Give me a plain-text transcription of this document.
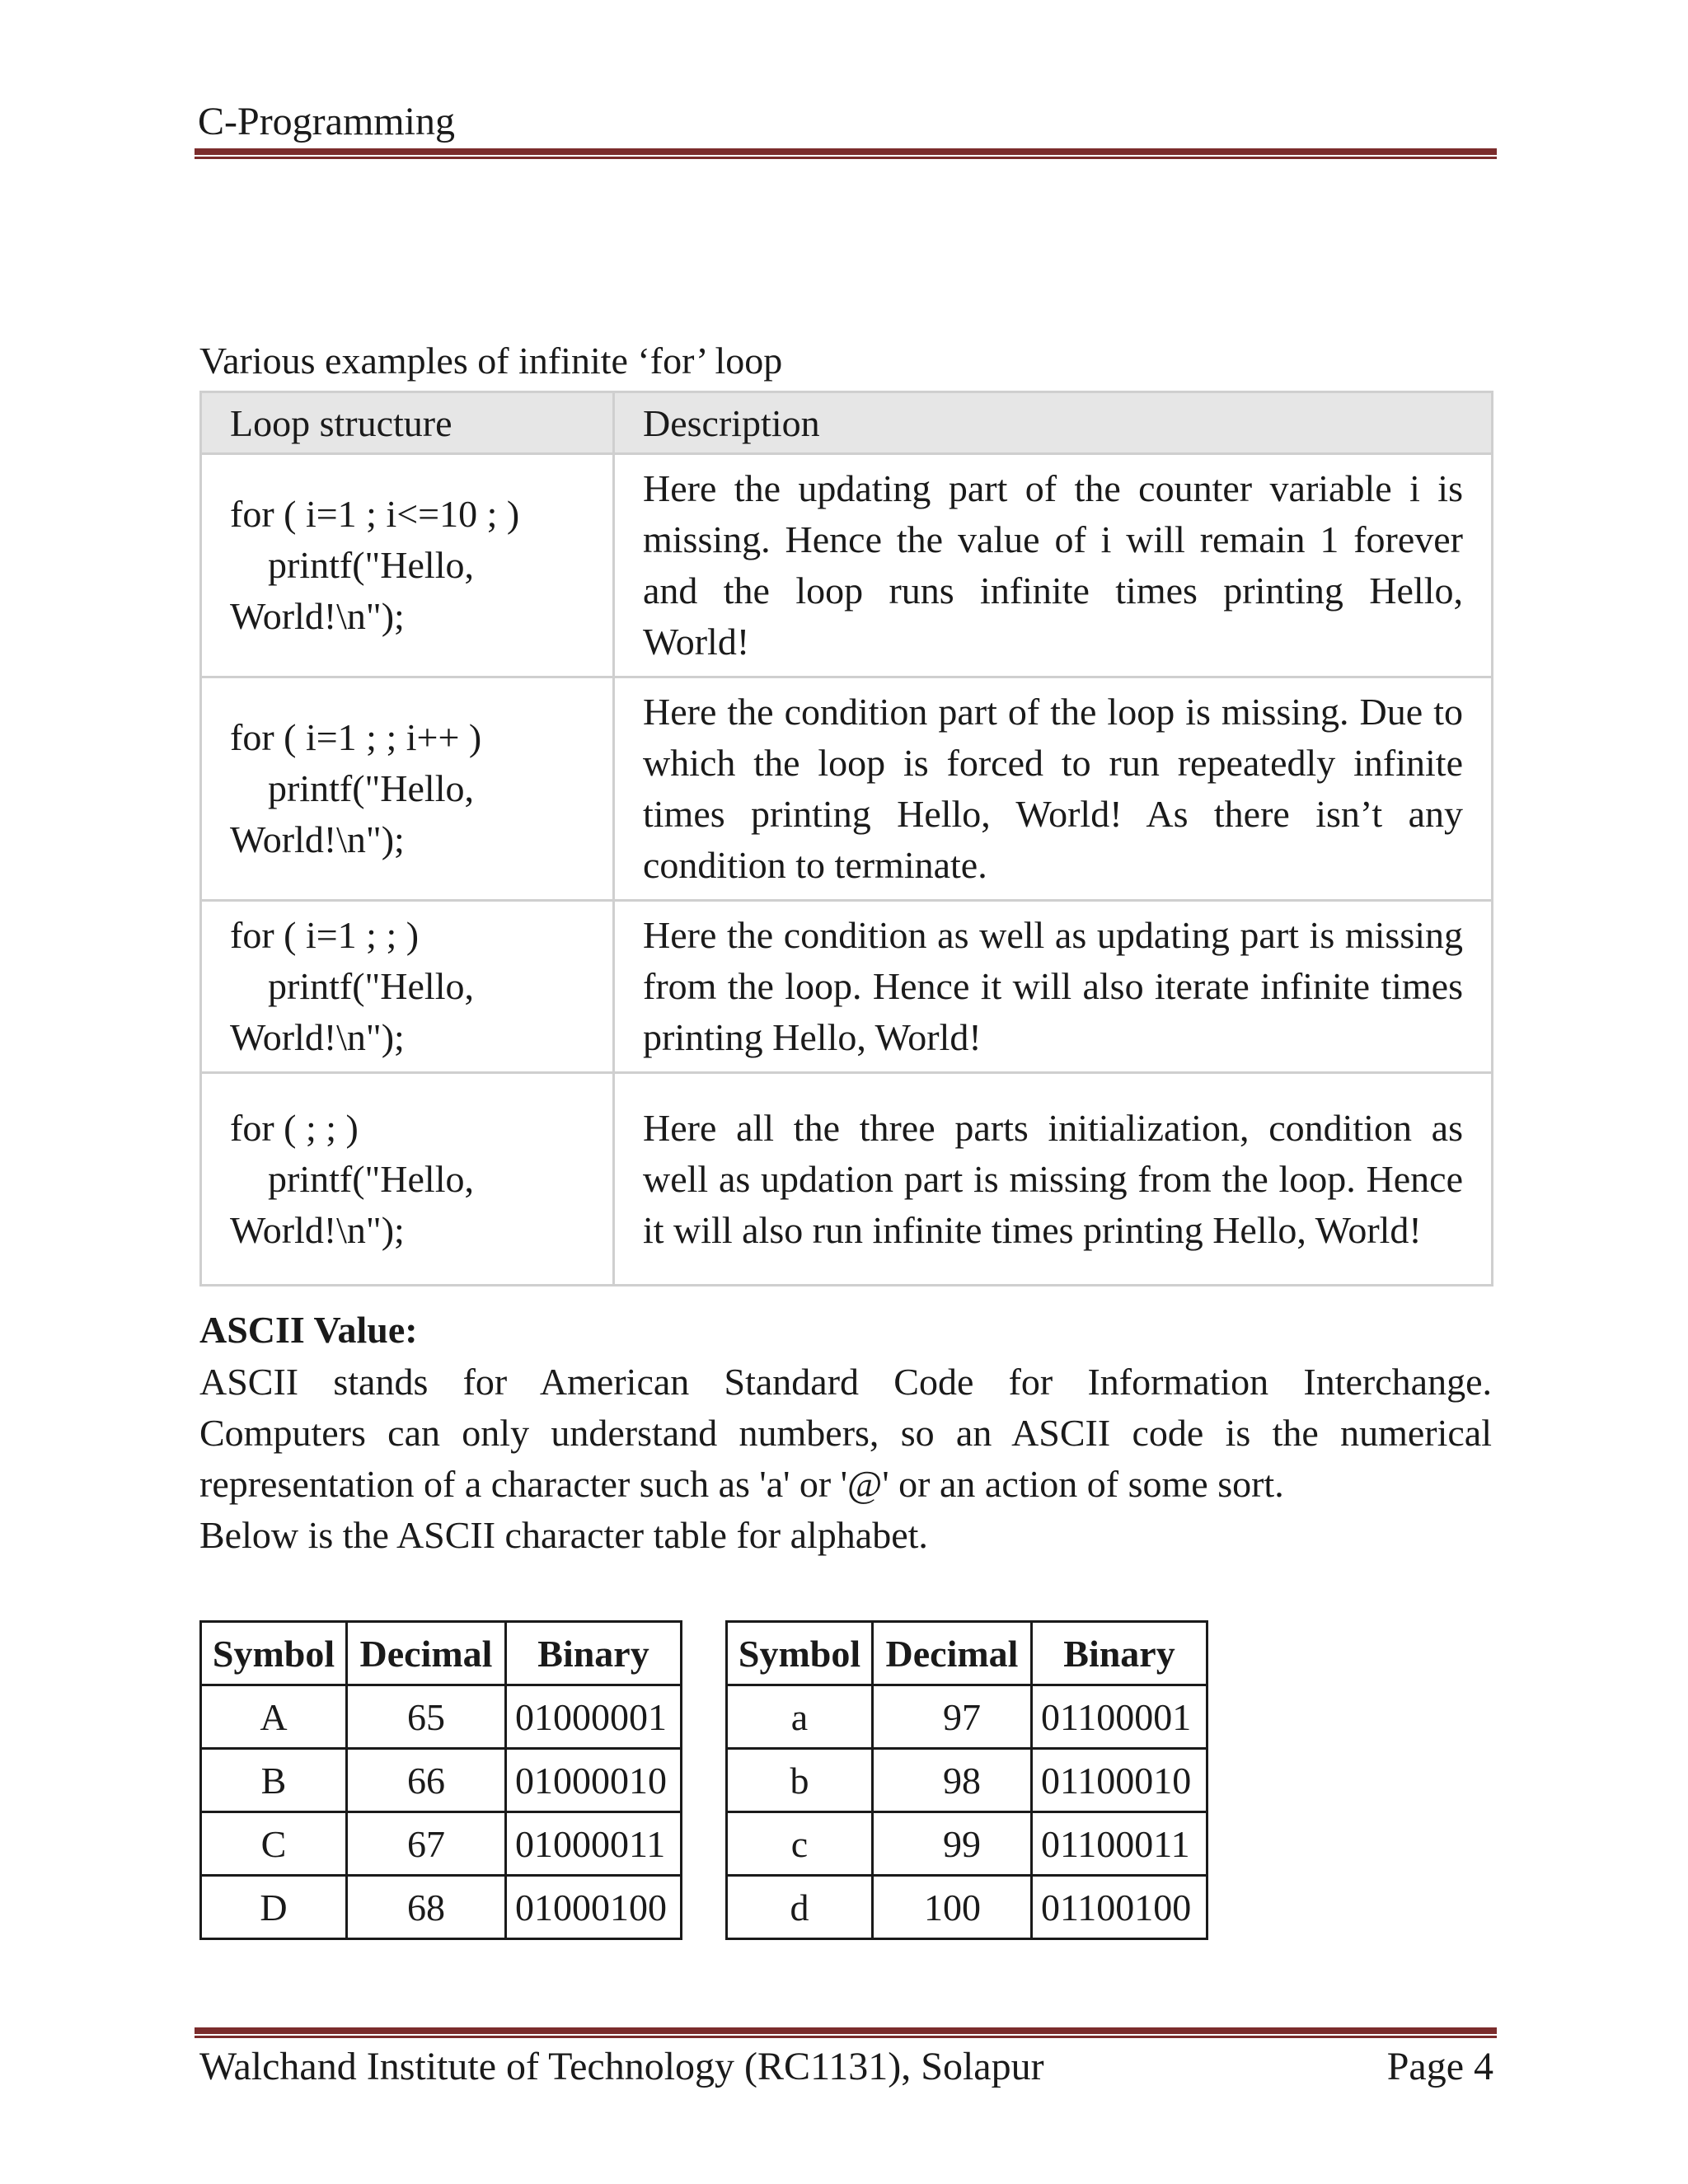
C-Programming
Various examples of infinite ‘for’ loop
Loop structure	Description

for ( i=1 ; i<=10 ; )
printf("Hello,
World!\n");	Here the updating part of the counter variable i is missing. Hence the value of i will remain 1 forever and the loop runs infinite times printing Hello, World!

for ( i=1 ; ; i++ )
printf("Hello,
World!\n");	Here the condition part of the loop is missing. Due to which the loop is forced to run repeatedly infinite times printing Hello, World! As there isn’t any condition to terminate.

for ( i=1 ; ; )
printf("Hello,
World!\n");	Here the condition as well as updating part is missing from the loop. Hence it will also iterate infinite times printing Hello, World!

for ( ; ; )
printf("Hello,
World!\n");	Here all the three parts initialization, condition as well as updation part is missing from the loop. Hence it will also run infinite times printing Hello, World!
ASCII Value:

ASCII stands for American Standard Code for Information Interchange.

Computers can only understand numbers, so an ASCII code is the numerical

representation of a character such as 'a' or '@' or an action of some sort.

Below is the ASCII character table for alphabet.

Symbol	Decimal	Binary
A	65	01000001
B	66	01000010
C	67	01000011
D	68	01000100
Symbol	Decimal	Binary
a	97	01100001
b	98	01100010
c	99	01100011
d	100	01100100
Walchand Institute of Technology (RC1131), Solapur	Page 4
